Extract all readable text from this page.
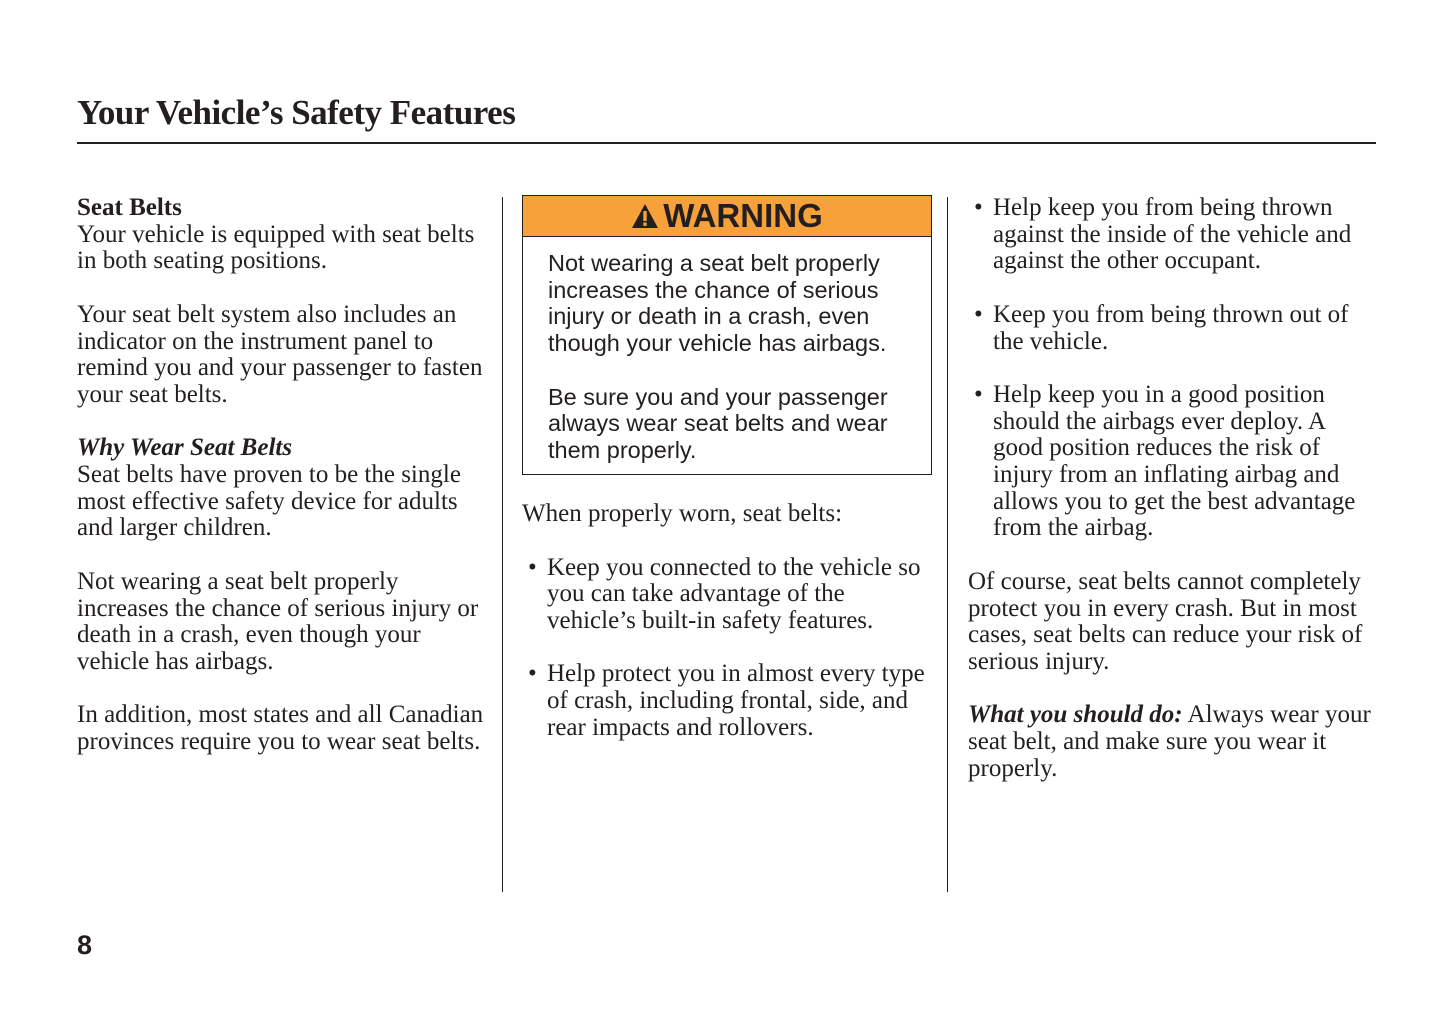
Your Vehicle’s Safety Features
Seat Belts

Your vehicle is equipped with seat belts in both seating positions.

Your seat belt system also includes an indicator on the instrument panel to remind you and your passenger to fasten your seat belts.

Why Wear Seat Belts

Seat belts have proven to be the single most effective safety device for adults and larger children.

Not wearing a seat belt properly increases the chance of serious injury or death in a crash, even though your vehicle has airbags.

In addition, most states and all Canadian provinces require you to wear seat belts.

WARNING

Not wearing a seat belt properly increases the chance of serious injury or death in a crash, even though your vehicle has airbags.

Be sure you and your passenger always wear seat belts and wear them properly.

When properly worn, seat belts:

• Keep you connected to the vehicle so you can take advantage of the vehicle’s built-in safety features.
• Help protect you in almost every type of crash, including frontal, side, and rear impacts and rollovers.
• Help keep you from being thrown against the inside of the vehicle and against the other occupant.
• Keep you from being thrown out of the vehicle.
• Help keep you in a good position should the airbags ever deploy. A good position reduces the risk of injury from an inflating airbag and allows you to get the best advantage from the airbag.

Of course, seat belts cannot completely protect you in every crash. But in most cases, seat belts can reduce your risk of serious injury.

What you should do: Always wear your seat belt, and make sure you wear it properly.

8
